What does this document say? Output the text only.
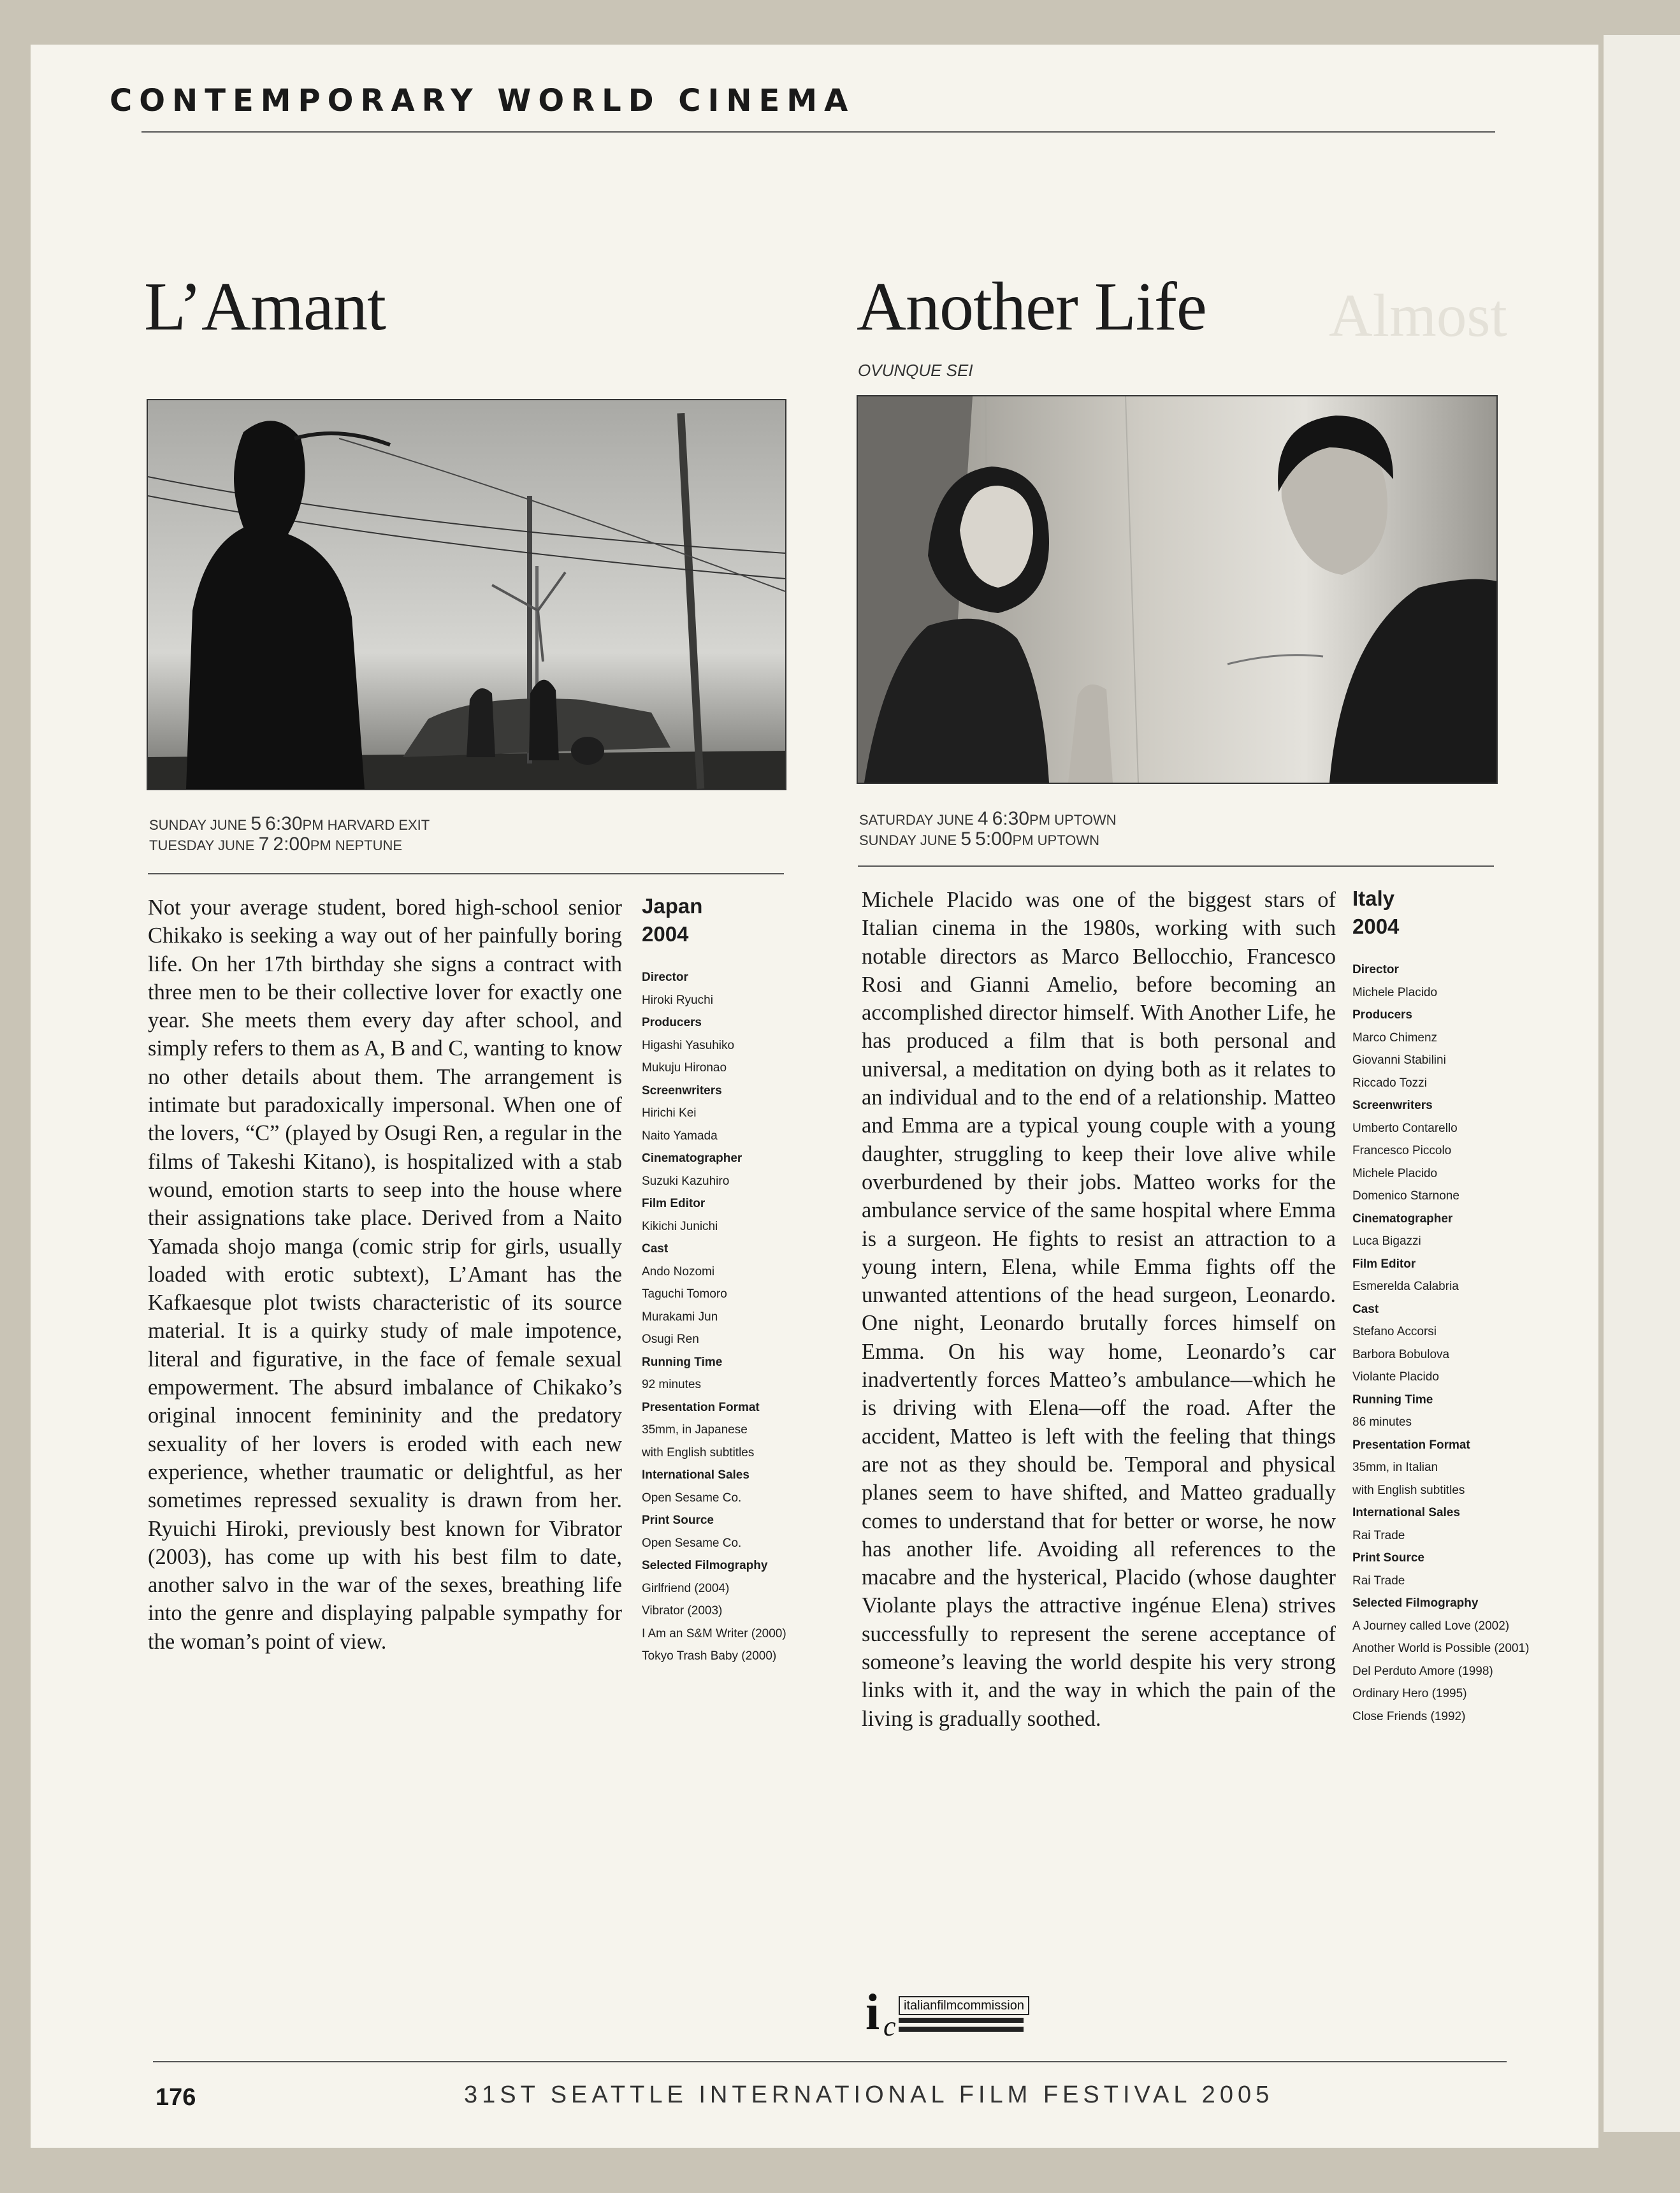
Almost
CONTEMPORARY WORLD CINEMA
L’Amant
SUNDAY JUNE 5 6:30PM HARVARD EXIT
TUESDAY JUNE 7 2:00PM NEPTUNE

Not your average student, bored high-school senior Chikako is seeking a way out of her painfully boring life. On her 17th birthday she signs a contract with three men to be their collective lover for exactly one year. She meets them every day after school, and simply refers to them as A, B and C, wanting to know no other details about them. The arrangement is intimate but paradoxically impersonal. When one of the lovers, “C” (played by Osugi Ren, a regular in the films of Takeshi Kitano), is hospitalized with a stab wound, emotion starts to seep into the house where their assignations take place. Derived from a Naito Yamada shojo manga (comic strip for girls, usually loaded with erotic subtext), L’Amant has the Kafkaesque plot twists characteristic of its source material. It is a quirky study of male impotence, literal and figurative, in the face of female sexual empowerment. The absurd imbalance of Chikako’s original innocent femininity and the predatory sexuality of her lovers is eroded with each new experience, whether traumatic or delightful, as her sometimes repressed sexuality is drawn from her. Ryuichi Hiroki, previously best known for Vibrator (2003), has come up with his best film to date, another salvo in the war of the sexes, breathing life into the genre and displaying palpable sympathy for the woman’s point of view.

Japan
2004
Director
Hiroki Ryuchi
Producers
Higashi Yasuhiko
Mukuju Hironao
Screenwriters
Hirichi Kei
Naito Yamada
Cinematographer
Suzuki Kazuhiro
Film Editor
Kikichi Junichi
Cast
Ando Nozomi
Taguchi Tomoro
Murakami Jun
Osugi Ren
Running Time
92 minutes
Presentation Format
35mm, in Japanese
with English subtitles
International Sales
Open Sesame Co.
Print Source
Open Sesame Co.
Selected Filmography
Girlfriend (2004)
Vibrator (2003)
I Am an S&M Writer (2000)
Tokyo Trash Baby (2000)
Another Life
OVUNQUE SEI
SATURDAY JUNE 4 6:30PM UPTOWN
SUNDAY JUNE 5 5:00PM UPTOWN

Michele Placido was one of the biggest stars of Italian cinema in the 1980s, working with such notable directors as Marco Bellocchio, Francesco Rosi and Gianni Amelio, before becoming an accomplished director himself. With Another Life, he has produced a film that is both personal and universal, a meditation on dying both as it relates to an individual and to the end of a relationship. Matteo and Emma are a typical young couple with a young daughter, struggling to keep their love alive while overburdened by their jobs. Matteo works for the ambulance service of the same hospital where Emma is a surgeon. He fights to resist an attraction to a young intern, Elena, while Emma fights off the unwanted attentions of the head surgeon, Leonardo. One night, Leonardo brutally forces himself on Emma. On his way home, Leonardo’s car inadvertently forces Matteo’s ambulance—which he is driving with Elena—off the road. After the accident, Matteo is left with the feeling that things are not as they should be. Temporal and physical planes seem to have shifted, and Matteo gradually comes to understand that for better or worse, he now has another life. Avoiding all references to the macabre and the hysterical, Placido (whose daughter Violante plays the attractive ingénue Elena) strives successfully to represent the serene acceptance of someone’s leaving the world despite his very strong links with it, and the way in which the pain of the living is gradually soothed.

Italy
2004
Director
Michele Placido
Producers
Marco Chimenz
Giovanni Stabilini
Riccado Tozzi
Screenwriters
Umberto Contarello
Francesco Piccolo
Michele Placido
Domenico Starnone
Cinematographer
Luca Bigazzi
Film Editor
Esmerelda Calabria
Cast
Stefano Accorsi
Barbora Bobulova
Violante Placido
Running Time
86 minutes
Presentation Format
35mm, in Italian
with English subtitles
International Sales
Rai Trade
Print Source
Rai Trade
Selected Filmography
A Journey called Love (2002)
Another World is Possible (2001)
Del Perduto Amore (1998)
Ordinary Hero (1995)
Close Friends (1992)
i c
italianfilmcommission
176	31ST SEATTLE INTERNATIONAL FILM FESTIVAL 2005
